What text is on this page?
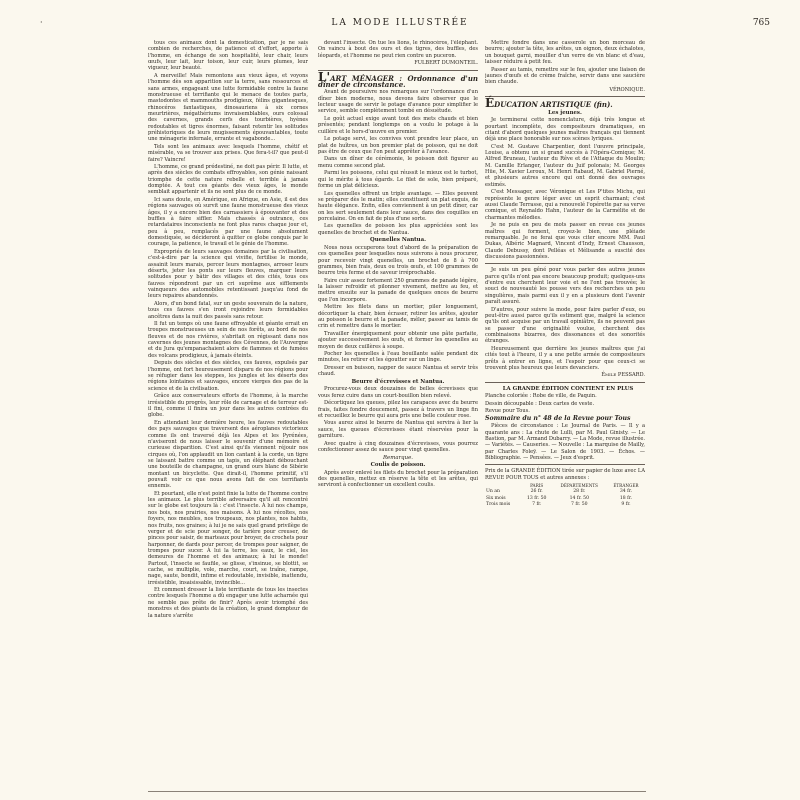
·	LA MODE ILLUSTRÉE	765

tous ces animaux dont la domestication, par je ne sais combien de recherches, de patience et d'effort, apporte à l'homme, en échange de son hospitalité, leur chair, leurs œufs, leur lait, leur toison, leur cuir, leurs plumes, leur vigueur, leur beauté.

A merveille! Mais remontons aux vieux âges, et voyons l'homme dès son apparition sur la terre, sans ressources et sans armes, engageant une lutte formidable contre la faune monstrueuse et terrifiante qui le menace de toutes parts, mastodontes et mammouths prodigieux, félins gigantesques, rhinocéros fantastiques, dinosauriens à six cornes meurtrières, mégathériums invraisemblables, ours colossal des cavernes, grands cerfs des tourbières, hyènes redoutables et tigres énormes, faisant retentir les solitudes préhistoriques de leurs mugissements épouvantables, toute une ménagerie infernale, errante et vagabonde...

Tels sont les animaux avec lesquels l'homme, chétif et misérable, va se trouver aux prises. Que fera-t-il? que peut-il faire? Vaincre!

L'homme, ce grand prédestiné, ne doit pas périr. Il lutte, et après des siècles de combats effroyables, son génie naissant triomphe de cette nature rebelle et terrible à jamais domptée. A tout ces géants des vieux âges, le monde semblait appartenir et ils ne sont plus de ce monde.

Ici sans doute, en Amérique, en Afrique, en Asie, il est des régions sauvages où survit une faune monstrueuse des vieux âges, il y a encore bien des carnassiers à épouvanter et des buffles à faire siffler. Mais chassés à outrance, ces retardataires inconscients ne font plus rares chaque jour et, peu à peu, remplacés par une faune absolument domestiquée, se décideront à quitter ce globe conquis par le courage, la patience, le travail et le génie de l'homme.

Expropriés de leurs sauvages domaines par la civilisation, c'est-à-dire par la science qui vivifie, fertilise le monde, assainit leurs marais, percer leurs montagnes, arroser leurs déserts, jeter les ponts sur leurs fleuves, marquer leurs solitudes pour y bâtir des villages et des cités, tous ces fauves répondront par un cri suprême aux sifflements vainqueurs des automobiles retentissant jusqu'au fond de leurs repaires abandonnés.

Alors, d'un bond fatal, sur un geste souverain de la nature, tous ces fauves s'en iront rejoindre leurs formidables ancêtres dans la nuit des passés sans retour.

Il fut un temps où une faune effroyable et géante errait en troupes monstrueuses un sein de nos forêts, au bord de nos fleuves et de nos rivières, s'abritait on régissant dans nos cavernes des jeunes montagnes des Cévennes, de l'Auvergne et du Jura qu'empanachaient alors de flammes et de fumées des volcans prodigieux, à jamais éteints.

Depuis des siècles et des siècles, ces fauves, expulsés par l'homme, ont fort heureusement disparu de nos régions pour se réfugier dans les steppes, les jungles et les déserts des régions lointaines et sauvages, encore vierges des pas de la science et de la civilisation.

Grâce aux conservateurs efforts de l'homme, à la marche irrésistible du progrès, leur rôle de carnage et de terreur est-il fini, comme il finira un jour dans les autres contrées du globe.

En attendant leur dernière heure, les fauves redoutables des pays sauvages que traversent des aéroplanes victorieux comme ils ont traversé déjà les Alpes et les Pyrénées, n'aviseront de nous laisser le souvenir d'une mémoire et curieuse disparition. C'est ainsi qu'ils viennent réjouir nos cirques où, l'on applaudit un lion cantant à la corde, un tigre se laissant battre comme un tapis, un éléphant débouchant une bouteille de champagne, un grand ours blanc de Sibérie montant un bicyclette. Que dirait-il, l'homme primitif, s'il pouvait voir ce que nous avons fait de ces terrifiants ennemis.

Et pourtant, elle n'est point finie la lutte de l'homme contre les animaux. Le plus terrible adversaire qu'il ait rencontré sur le globe est toujours là : c'est l'insecte. À lui nos champs, nos bois, nos prairies, nos maisons. À lui nos récoltes, nos foyers, nos meubles, nos troupeaux, nos plantes, nos habits, nos fruits, nos graines; à lui je ne sais quel grand privilège de verger et de scie pour songer, de tarière pour creuser, de pinces pour saisir, de marteaux pour broyer, de crochets pour harponner, de dards pour percer, de trompes pour saigner, de trompes pour sucer. À lui la terre, les eaux, le ciel, les demeures de l'homme et des animaux; à lui le monde! Partout, l'insecte se faufile, se glisse, s'insinue, se blottit, se cache, se multiplie, vole, marche, court, se traîne, rampe, nage, saute, bondit, infime et redoutable, invisible, inattendu, irrésistible, insaisissable, invincible...

Et comment dresser la liste terrifiante de tous les insectes contre lesquels l'homme a dû engager une lutte acharnée qui ne semble pas prête de finir? Après avoir triomphé des monstres et des géants de la création, le grand dompteur de la nature s'arrête

devant l'insecte. On tue les lions, le rhinocéros, l'éléphant. On vaincu à bout des ours et des tigres, des buffles, des léopards, et l'homme ne peut rien contre un puceron.

FULBERT DUMONTEIL.

L'ART MÉNAGER : Ordonnance d'un dîner de circonstance.

Avant de poursuivre nos remarques sur l'ordonnance d'un dîner bien moderne, nous devons faire observer que le lecteur usage de servir le potage d'avance pour simplifier le service, semble complètement tombé en désuétude.

Le goût actuel exige avant tout des mets chauds et bien présentés; pendant longtemps on a voulu le potage à la cuillère et le hors-d'œuvre en premier.

Le potage servi, les convives vont prendre leur place, un plat de huîtres, un bon premier plat de poisson, qui ne doit pas être de ceux que l'on peut apprêter à l'avance.

Dans un dîner de cérémonie, le poisson doit figurer au menu comme second plat.

Parmi les poissons, celui qui réussit le mieux est le turbot, qui le mérite à tous égards. Le filet de sole, bien préparé, forme un plat délicieux.

Les quenelles offrent un triple avantage. — Elles peuvent se préparer dès le matin; elles constituent un plat exquis, de haute élégance. Enfin, elles conviennent à un petit dîner, car on les sert seulement dans leur sauce, dans des coquilles en porcelaine. On en fait de plus d'une sorte.

Les quenelles de poisson les plus appréciées sont les quenelles de brochet et de Nantua.

Quenelles Nantua.

Nous nous occuperons tout d'abord de la préparation de ces quenelles pour lesquelles nous suivrons à nous procurer, pour recevoir vingt quenelles, un brochet de 8 à 700 grammes, bien frais, deux ou trois œufs, et 100 grammes de beurre très ferme et de saveur irréprochable.

Faire cuir assez fortement 250 grammes de panade légère, la laisser refroidir et pilonner vivement, mettre au feu, et mettre ensuite sur la panade de quelques onces de beurre que l'on incorpore.

Mettre les filets dans un mortier, piler longuement, décortiquer la chair, bien écraser, retirer les arêtes, ajouter au poisson le beurre et la panade, mêler, passer au tamis de crin et remettre dans le mortier.

Travailler énergiquement pour obtenir une pâte parfaite, ajouter successivement les œufs, et former les quenelles au moyen de deux cuillères à soupe.

Pocher les quenelles à l'eau bouillante salée pendant dix minutes, les retirer et les égoutter sur un linge.

Dresser en buisson, napper de sauce Nantua et servir très chaud.

Beurre d'écrevisses et Nantua.

Procurez-vous deux douzaines de belles écrevisses que vous ferez cuire dans un court-bouillon bien relevé.

Décortiquez les queues, pilez les carapaces avec du beurre frais, faites fondre doucement, passez à travers un linge fin et recueillez le beurre qui aura pris une belle couleur rose.

Vous aurez ainsi le beurre de Nantua qui servira à lier la sauce, les queues d'écrevisses étant réservées pour la garniture.

Avec quatre à cinq douzaines d'écrevisses, vous pourrez confectionner assez de sauce pour vingt quenelles.

Remarque.

Coulis de poisson.

Après avoir enlevé les filets du brochet pour la préparation des quenelles, mettez en réserve la tête et les arêtes, qui serviront à confectionner un excellent coulis.

Mettre fondre dans une casserole un bon morceau de beurre; ajouter la tête, les arêtes, un oignon, deux échalotes, un bouquet garni, mouiller d'un verre de vin blanc et d'eau, laisser réduire à petit feu.

Passer au tamis, remettre sur le feu, ajouter une liaison de jaunes d'œufs et de crème fraîche, servir dans une saucière bien chaude.

VÉRONIQUE.

ÉDUCATION ARTISTIQUE (fin).

Les jeunes.

Je terminerai cette nomenclature, déjà très longue et pourtant incomplète, des compositeurs dramatiques, en citant d'abord quelques jeunes maîtres français qui tiennent déjà une place honorable sur nos scènes lyriques.

C'est M. Gustave Charpentier, dont l'œuvre principale, Louise, a obtenu un si grand succès à l'Opéra-Comique; M. Alfred Bruneau, l'auteur du Rêve et de l'Attaque du Moulin; M. Camille Erlanger, l'auteur du Juif polonais; M. Georges Hüe, M. Xavier Leroux, M. Henri Rabaud, M. Gabriel Pierné, et plusieurs autres encore qui ont donné des ouvrages estimés.

C'est Messager, avec Véronique et Les P'tites Michu, qui représente le genre léger avec un esprit charmant; c'est aussi Claude Terrasse, qui a renouvelé l'opérette par sa verve comique, et Reynaldo Hahn, l'auteur de la Carmélite et de charmantes mélodies.

Je ne puis en peu de mots passer en revue ces jeunes maîtres qui forment, croyez-le bien, une pléiade remarquable. Je ne ferai que vous citer encore MM. Paul Dukas, Albéric Magnard, Vincent d'Indy, Ernest Chausson, Claude Debussy, dont Pelléas et Mélisande a suscité des discussions passionnées.

Je suis un peu gêné pour vous parler des autres jeunes parce qu'ils n'ont pas encore beaucoup produit; quelques-uns d'entre eux cherchent leur voie et ne l'ont pas trouvée; le souci de nouveauté les pousse vers des recherches un peu singulières, mais parmi eux il y en a plusieurs dont l'avenir paraît assuré.

D'autres, pour suivre la mode, pour faire parler d'eux, ou peut-être aussi parce qu'ils estiment que, malgré la science qu'ils ont acquise par un travail opiniâtre, ils ne peuvent pas se passer d'une originalité voulue, cherchent des combinaisons bizarres, des dissonances et des sonorités étranges.

Heureusement que derrière les jeunes maîtres que j'ai cités tout à l'heure, il y a une petite armée de compositeurs prêts à entrer en ligne, et l'espoir pour que ceux-ci se trouvent plus heureux que leurs devanciers.

Émile PESSARD.

LA GRANDE ÉDITION CONTIENT EN PLUS

Planche coloriée : Robe de ville, de Paquin.

Dessin découpable : Deux cartes de veste.

Revue pour Tous.

Sommaire du n° 48 de la Revue pour Tous

Pièces de circonstance : Le Journal de Paris. — Il y a quarante ans : La chute de Lulli, par M. Paul Ginisty. — Le Bastion, par M. Armand Dubarry. — La Mode, revue illustrée. — Variétés. — Causeries. — Nouvelle : La marquise de Mailly, par Charles Foleÿ. — Le Salon de 1903. — Échos. — Bibliographie. — Pensées. — Jeux d'esprit.

Prix de la GRANDE ÉDITION tirée sur papier de luxe avec LA REVUE POUR TOUS et autres annexes :

	PARIS	DÉPARTEMENTS	ÉTRANGER
Un an	26 fr.	28 fr.	34 fr.
Six mois	13 fr. 50	14 fr. 50	18 fr.
Trois mois	7 fr.	7 fr. 50	9 fr.
